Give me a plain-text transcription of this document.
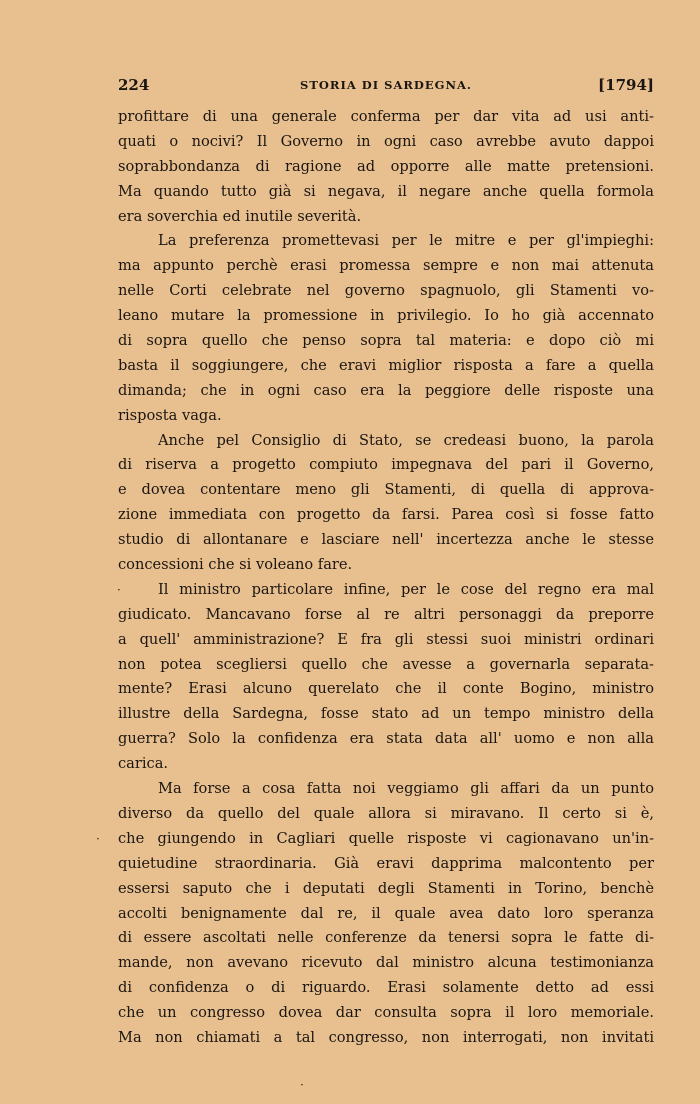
224	STORIA DI SARDEGNA.	[1794]
profittare di una generale conferma per dar vita ad usi anti-
quati o nocivi? Il Governo in ogni caso avrebbe avuto dappoi
soprabbondanza di ragione ad opporre alle matte pretensioni.
Ma quando tutto già si negava, il negare anche quella formola
era soverchia ed inutile severità.
La preferenza promettevasi per le mitre e per gl'impieghi:
ma appunto perchè erasi promessa sempre e non mai attenuta
nelle Corti celebrate nel governo spagnuolo, gli Stamenti vo-
leano mutare la promessione in privilegio. Io ho già accennato
di sopra quello che penso sopra tal materia: e dopo ciò mi
basta il soggiungere, che eravi miglior risposta a fare a quella
dimanda; che in ogni caso era la peggiore delle risposte una
risposta vaga.
Anche pel Consiglio di Stato, se credeasi buono, la parola
di riserva a progetto compiuto impegnava del pari il Governo,
e dovea contentare meno gli Stamenti, di quella di approva-
zione immediata con progetto da farsi. Parea così si fosse fatto
studio di allontanare e lasciare nell' incertezza anche le stesse
concessioni che si voleano fare.
Il ministro particolare infine, per le cose del regno era mal
giudicato. Mancavano forse al re altri personaggi da preporre
a quell' amministrazione? E fra gli stessi suoi ministri ordinari
non potea scegliersi quello che avesse a governarla separata-
mente? Erasi alcuno querelato che il conte Bogino, ministro
illustre della Sardegna, fosse stato ad un tempo ministro della
guerra? Solo la confidenza era stata data all' uomo e non alla
carica.
Ma forse a cosa fatta noi veggiamo gli affari da un punto
diverso da quello del quale allora si miravano. Il certo si è,
che giungendo in Cagliari quelle risposte vi cagionavano un'in-
quietudine straordinaria. Già eravi dapprima malcontento per
essersi saputo che i deputati degli Stamenti in Torino, benchè
accolti benignamente dal re, il quale avea dato loro speranza
di essere ascoltati nelle conferenze da tenersi sopra le fatte di-
mande, non avevano ricevuto dal ministro alcuna testimonianza
di confidenza o di riguardo. Erasi solamente detto ad essi
che un congresso dovea dar consulta sopra il loro memoriale.
Ma non chiamati a tal congresso, non interrogati, non invitati
·
·
·
